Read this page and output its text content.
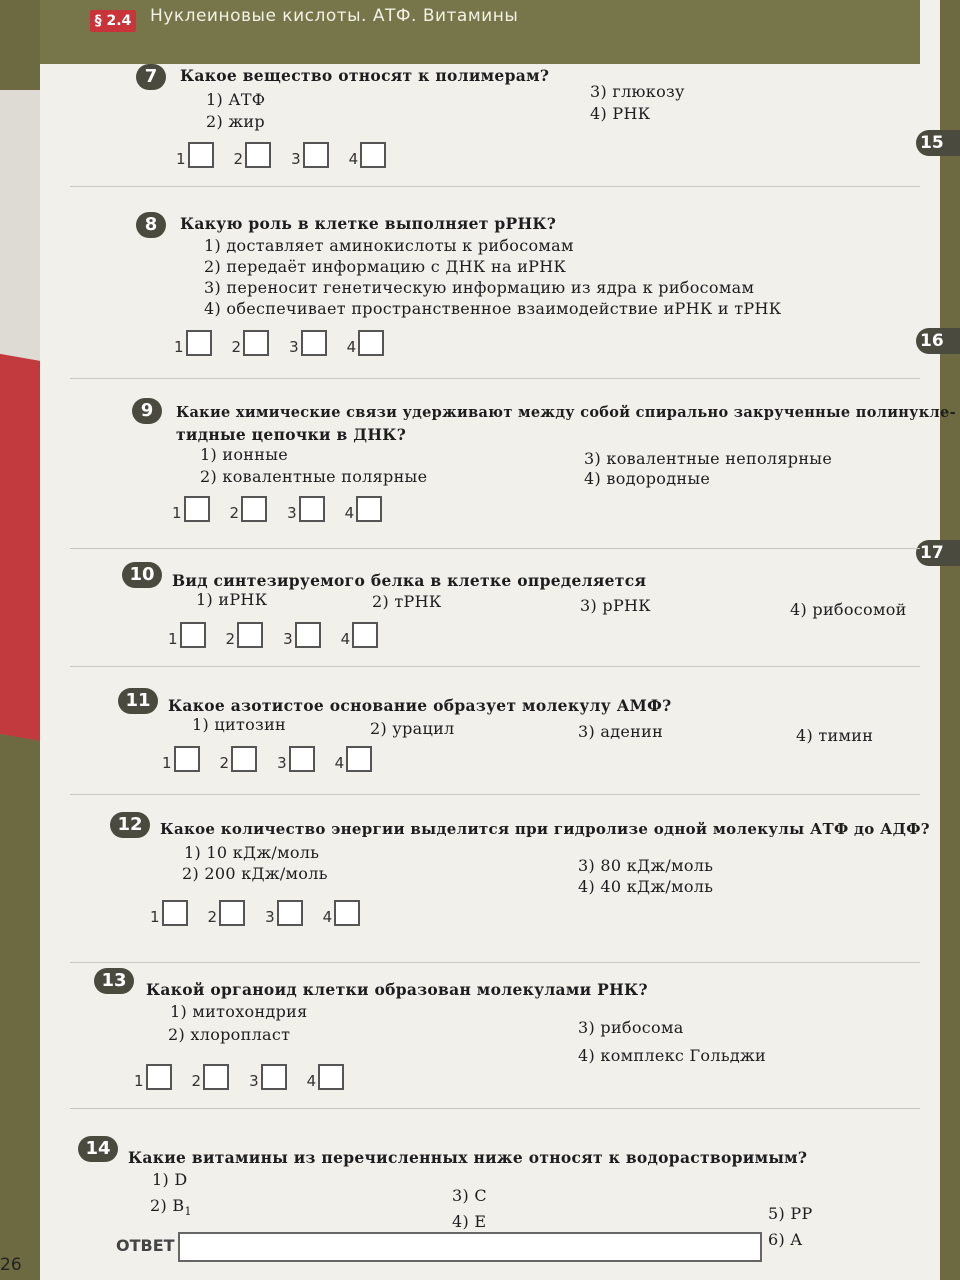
§ 2.4 Нуклеиновые кислоты. АТФ. Витамины
15
16
17
7	Какое вещество относят к полимерам?
1) АТФ
2) жир
3) глюкозу
4) РНК
1	2	3	4
8	Какую роль в клетке выполняет рРНК?
1) доставляет аминокислоты к рибосомам
2) передаёт информацию с ДНК на иРНК
3) переносит генетическую информацию из ядра к рибосомам
4) обеспечивает пространственное взаимодействие иРНК и тРНК
1	2	3	4
9	Какие химические связи удерживают между собой спирально закрученные полинукле-
тидные цепочки в ДНК?
1) ионные
2) ковалентные полярные
3) ковалентные неполярные
4) водородные
1	2	3	4
10	Вид синтезируемого белка в клетке определяется
1) иРНК	2) тРНК	3) рРНК	4) рибосомой
1	2	3	4
11	Какое азотистое основание образует молекулу АМФ?
1) цитозин	2) урацил	3) аденин	4) тимин
1	2	3	4
12	Какое количество энергии выделится при гидролизе одной молекулы АТФ до АДФ?
1) 10 кДж/моль
2) 200 кДж/моль	3) 80 кДж/моль
4) 40 кДж/моль
1	2	3	4
13	Какой органоид клетки образован молекулами РНК?
1) митохондрия
2) хлоропласт	3) рибосома
4) комплекс Гольджи
1	2	3	4
14	Какие витамины из перечисленных ниже относят к водорастворимым?
1) D
2) $B_1$
3) C
4) E	5) PP
6) A
ОТВЕТ
26
